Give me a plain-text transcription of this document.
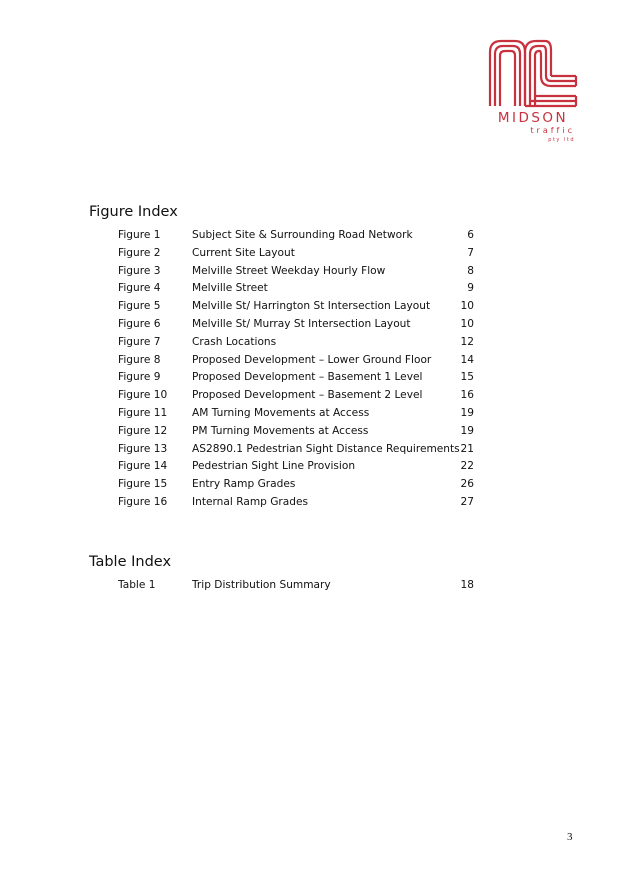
MIDSON
traffic
pty ltd
Figure Index
Figure 1	Subject Site & Surrounding Road Network	6
Figure 2	Current Site Layout	7
Figure 3	Melville Street Weekday Hourly Flow	8
Figure 4	Melville Street	9
Figure 5	Melville St/ Harrington St Intersection Layout	10
Figure 6	Melville St/ Murray St Intersection Layout	10
Figure 7	Crash Locations	12
Figure 8	Proposed Development – Lower Ground Floor	14
Figure 9	Proposed Development – Basement 1 Level	15
Figure 10 Proposed Development – Basement 2 Level	16
Figure 11 AM Turning Movements at Access	19
Figure 12 PM Turning Movements at Access	19
Figure 13 AS2890.1 Pedestrian Sight Distance Requirements 21
Figure 14 Pedestrian Sight Line Provision	22
Figure 15 Entry Ramp Grades	26
Figure 16 Internal Ramp Grades	27
Table Index
Table 1	Trip Distribution Summary	18
3
